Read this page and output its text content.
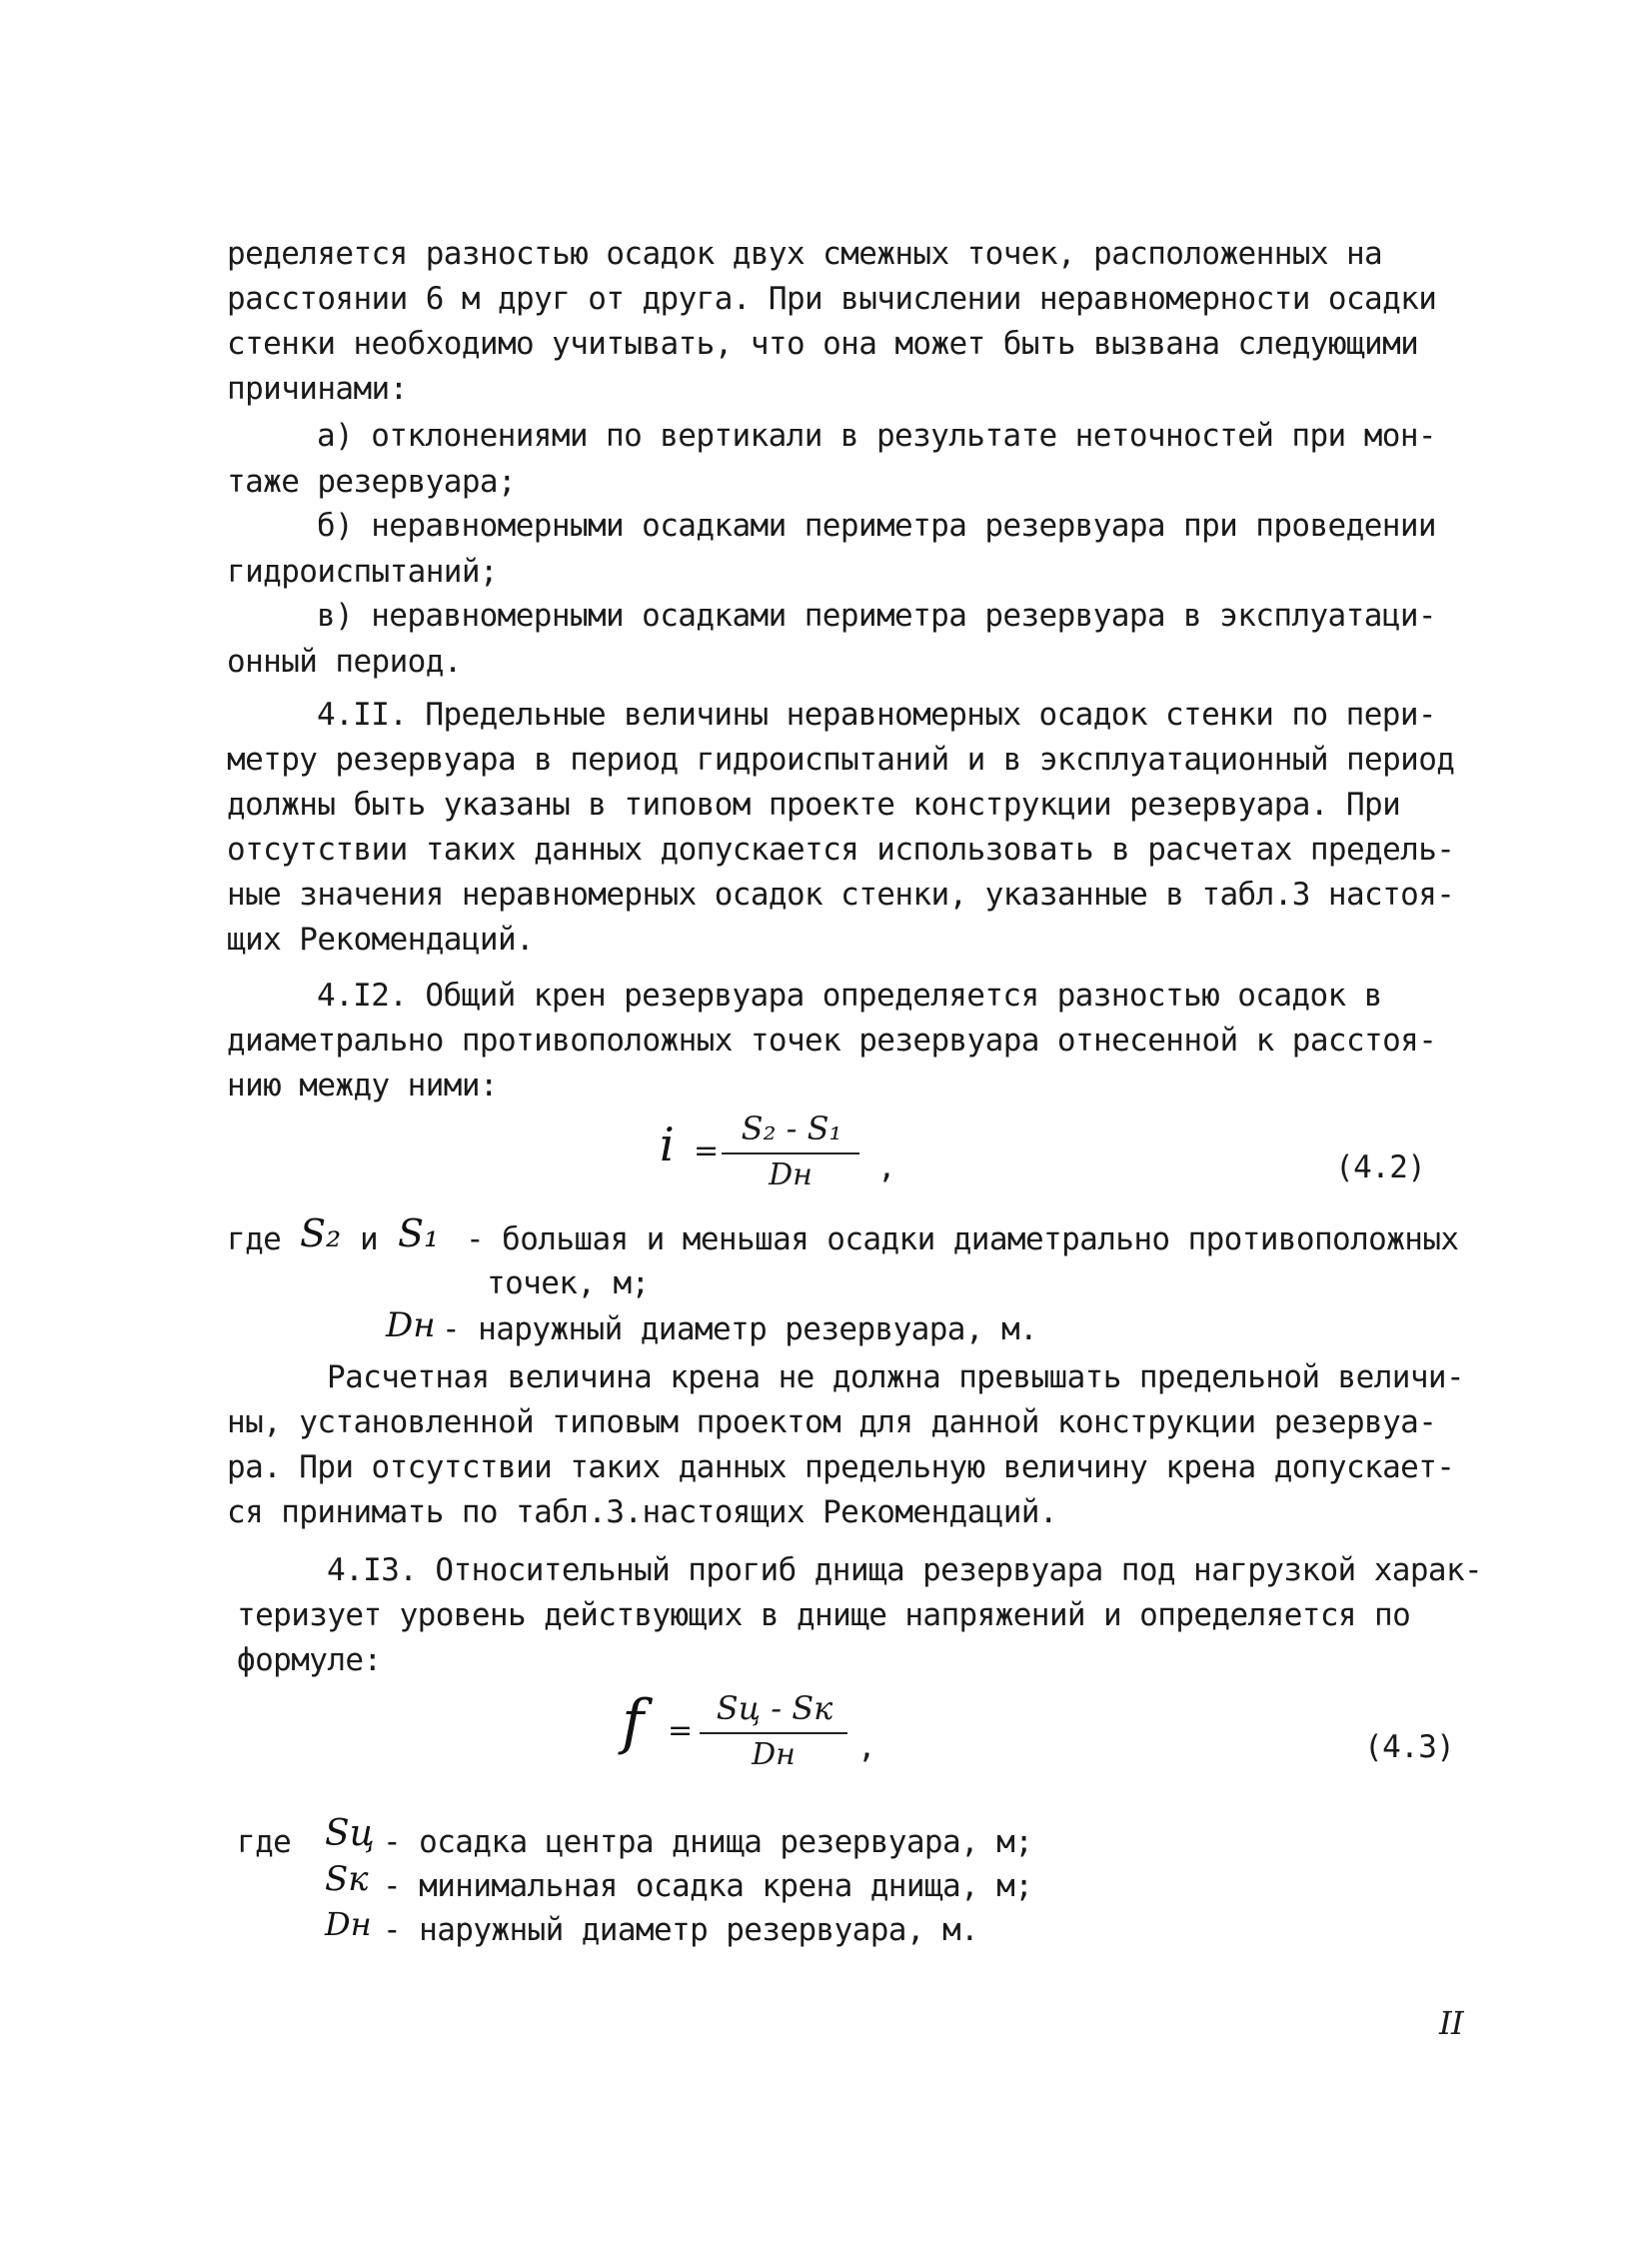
ределяется разностью осадок двух смежных точек, расположенных на
расстоянии 6 м друг от друга. При вычислении неравномерности осадки
стенки необходимо учитывать, что она может быть вызвана следующими
причинами:
а) отклонениями по вертикали в результате неточностей при мон-
таже резервуара;
б) неравномерными осадками периметра резервуара при проведении
гидроиспытаний;
в) неравномерными осадками периметра резервуара в эксплуатаци-
онный период.
4.II. Предельные величины неравномерных осадок стенки по пери-
метру резервуара в период гидроиспытаний и в эксплуатационный период
должны быть указаны в типовом проекте конструкции резервуара. При
отсутствии таких данных допускается использовать в расчетах предель-
ные значения неравномерных осадок стенки, указанные в табл.3 настоя-
щих Рекомендаций.
4.I2. Общий крен резервуара определяется разностью осадок в
диаметрально противоположных точек резервуара отнесенной к расстоя-
нию между ними:
i =
S₂ - S₁
Dн	,	(4.2)
где S₂ и S₁ - большая и меньшая осадки диаметрально противоположных
точек, м;
Dн - наружный диаметр резервуара, м.
Расчетная величина крена не должна превышать предельной величи-
ны, установленной типовым проектом для данной конструкции резервуа-
ра. При отсутствии таких данных предельную величину крена допускает-
ся принимать по табл.3.настоящих Рекомендаций.
4.I3. Относительный прогиб днища резервуара под нагрузкой харак-
теризует уровень действующих в днище напряжений и определяется по
формуле:
f =
Sц - Sк
Dн	,	(4.3)
где Sц - осадка центра днища резервуара, м;
Sк - минимальная осадка крена днища, м;
Dн - наружный диаметр резервуара, м.
II
